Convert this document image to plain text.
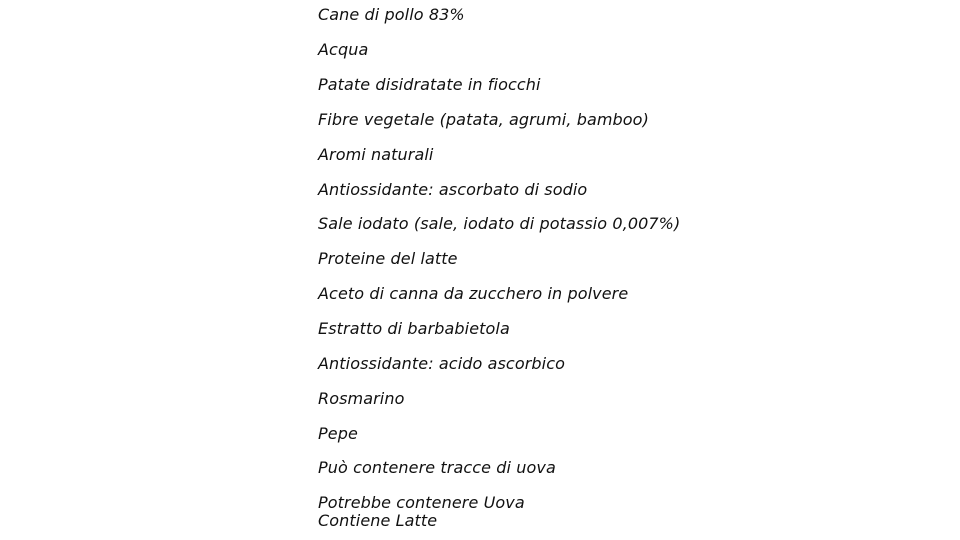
Cane di pollo 83%
Acqua
Patate disidratate in fiocchi
Fibre vegetale (patata, agrumi, bamboo)
Aromi naturali
Antiossidante: ascorbato di sodio
Sale iodato (sale, iodato di potassio 0,007%)
Proteine del latte
Aceto di canna da zucchero in polvere
Estratto di barbabietola
Antiossidante: acido ascorbico
Rosmarino
Pepe
Può contenere tracce di uova
Potrebbe contenere Uova
Contiene Latte
